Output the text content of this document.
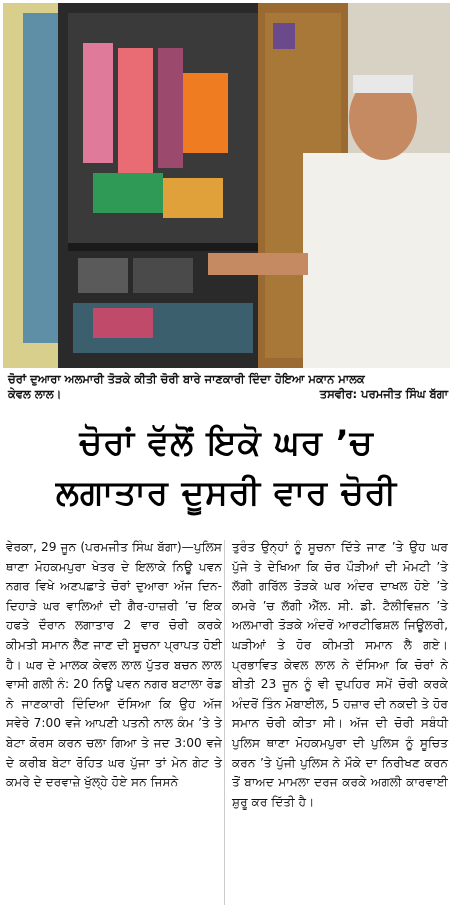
ਚੋਰਾਂ ਦੁਆਰਾ ਅਲਮਾਰੀ ਤੋੜਕੇ ਕੀਤੀ ਚੋਰੀ ਬਾਰੇ ਜਾਣਕਾਰੀ ਦਿੰਦਾ ਹੋਇਆ ਮਕਾਨ ਮਾਲਕ
ਕੇਵਲ ਲਾਲ।	ਤਸਵੀਰ: ਪਰਮਜੀਤ ਸਿੰਘ ਬੱਗਾ
ਚੋਰਾਂ ਵੱਲੋਂ ਇਕੋ ਘਰ ’ਚ
ਲਗਾਤਾਰ ਦੂਸਰੀ ਵਾਰ ਚੋਰੀ
ਵੇਰਕਾ, 29 ਜੂਨ (ਪਰਮਜੀਤ ਸਿੰਘ ਬੱਗਾ)—ਪੁਲਿਸ ਥਾਣਾ ਮੋਹਕਮਪੁਰਾ ਖੇਤਰ ਦੇ ਇਲਾਕੇ ਨਿਊ ਪਵਨ ਨਗਰ ਵਿਖੇ ਅਣਪਛਾਤੇ ਚੋਰਾਂ ਦੁਆਰਾ ਅੱਜ ਦਿਨ-ਦਿਹਾੜੇ ਘਰ ਵਾਲਿਆਂ ਦੀ ਗੈਰ-ਹਾਜ਼ਰੀ ’ਚ ਇਕ ਹਫਤੇ ਦੌਰਾਨ ਲਗਾਤਾਰ 2 ਵਾਰ ਚੋਰੀ ਕਰਕੇ ਕੀਮਤੀ ਸਮਾਨ ਲੈਣ ਜਾਣ ਦੀ ਸੂਚਨਾ ਪ੍ਰਾਪਤ ਹੋਈ ਹੈ। ਘਰ ਦੇ ਮਾਲਕ ਕੇਵਲ ਲਾਲ ਪੁੱਤਰ ਬਚਨ ਲਾਲ ਵਾਸੀ ਗਲੀ ਨੰ: 20 ਨਿਊ ਪਵਨ ਨਗਰ ਬਟਾਲਾ ਰੋਡ ਨੇ ਜਾਣਕਾਰੀ ਦਿੰਦਿਆ ਦੱਸਿਆ ਕਿ ਉਹ ਅੱਜ ਸਵੇਰੇ 7:00 ਵਜੇ ਆਪਣੀ ਪਤਨੀ ਨਾਲ ਕੰਮ ’ਤੇ ਤੇ ਬੇਟਾ ਕੋਰਸ ਕਰਨ ਚਲਾ ਗਿਆ ਤੇ ਜਦ 3:00 ਵਜੇ ਦੇ ਕਰੀਬ ਬੇਟਾ ਰੋਹਿਤ ਘਰ ਪੁੱਜਾ ਤਾਂ ਮੇਨ ਗੇਟ ਤੇ ਕਮਰੇ ਦੇ ਦਰਵਾਜ਼ੇ ਖੁੱਲ੍ਹੇ ਹੋਏ ਸਨ ਜਿਸਨੇ
ਤੁਰੰਤ ਉਨ੍ਹਾਂ ਨੂੰ ਸੂਚਨਾ ਦਿੱਤੇ ਜਾਣ ’ਤੇ ਉਹ ਘਰ ਪੁੱਜੇ ਤੇ ਦੇਖਿਆ ਕਿ ਚੋਰ ਪੌੜੀਆਂ ਦੀ ਮੋਮਟੀ ’ਤੇ ਲੱਗੀ ਗਰਿੱਲ ਤੋੜਕੇ ਘਰ ਅੰਦਰ ਦਾਖਲ ਹੋਏ ’ਤੇ ਕਮਰੇ ’ਚ ਲੱਗੀ ਐੱਲ. ਸੀ. ਡੀ. ਟੈਲੀਵਿਜ਼ਨ ’ਤੇ ਅਲਮਾਰੀ ਤੋੜਕੇ ਅੰਦਰੋਂ ਆਰਟੀਫਿਸ਼ਲ ਜਿਊਲਰੀ, ਘੜੀਆਂ ਤੇ ਹੋਰ ਕੀਮਤੀ ਸਮਾਨ ਲੈ ਗਏ। ਪ੍ਰਭਾਵਿਤ ਕੇਵਲ ਲਾਲ ਨੇ ਦੱਸਿਆ ਕਿ ਚੋਰਾਂ ਨੇ ਬੀਤੀ 23 ਜੂਨ ਨੂੰ ਵੀ ਦੁਪਹਿਰ ਸਮੇਂ ਚੋਰੀ ਕਰਕੇ ਅੰਦਰੋਂ ਤਿੰਨ ਮੋਬਾਈਲ, 5 ਹਜ਼ਾਰ ਦੀ ਨਕਦੀ ਤੇ ਹੋਰ ਸਮਾਨ ਚੋਰੀ ਕੀਤਾ ਸੀ। ਅੱਜ ਦੀ ਚੋਰੀ ਸਬੰਧੀ ਪੁਲਿਸ ਥਾਣਾ ਮੋਹਕਮਪੁਰਾ ਦੀ ਪੁਲਿਸ ਨੂੰ ਸੂਚਿਤ ਕਰਨ ’ਤੇ ਪੁੱਜੀ ਪੁਲਿਸ ਨੇ ਮੌਕੇ ਦਾ ਨਿਰੀਖਣ ਕਰਨ ਤੋਂ ਬਾਅਦ ਮਾਮਲਾ ਦਰਜ ਕਰਕੇ ਅਗਲੀ ਕਾਰਵਾਈ ਸ਼ੁਰੂ ਕਰ ਦਿੱਤੀ ਹੈ।
